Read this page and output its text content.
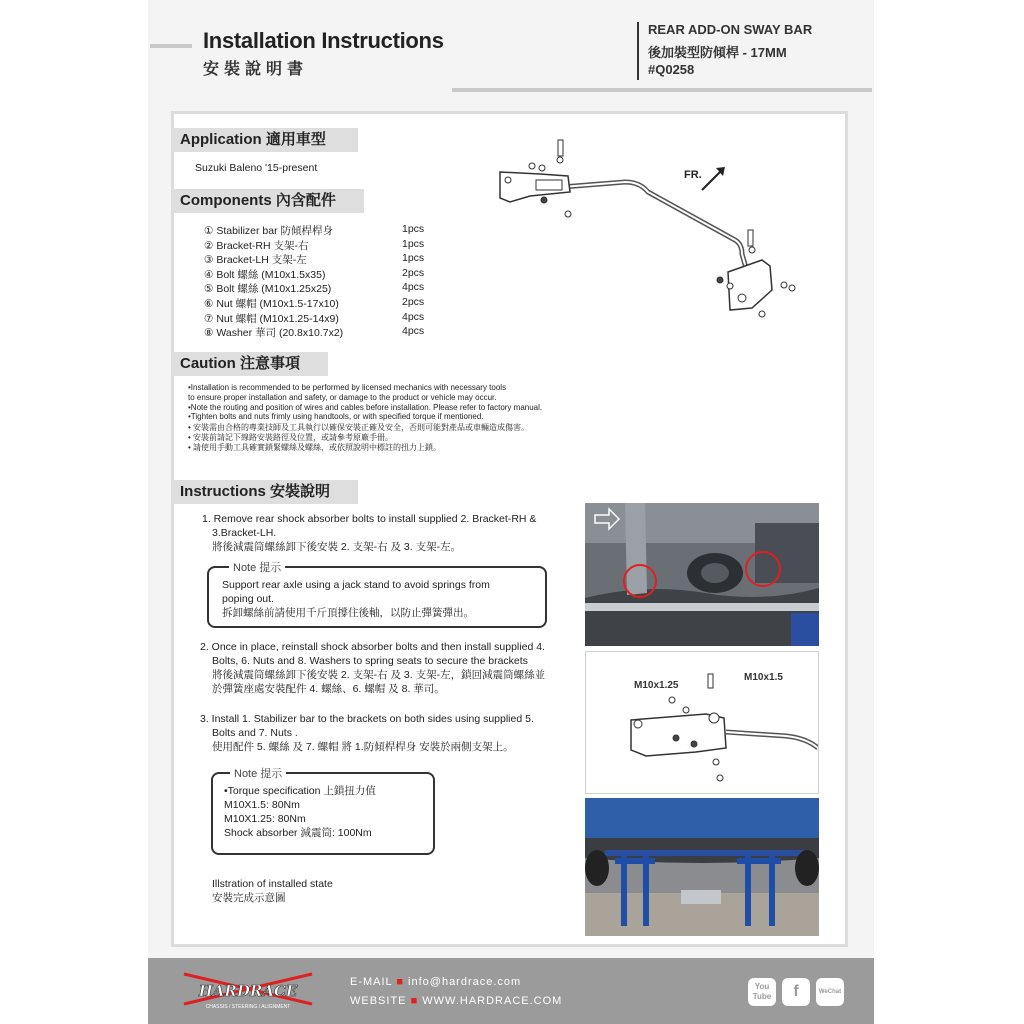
Installation Instructions
安裝說明書
REAR ADD-ON SWAY BAR
後加裝型防傾桿 - 17MM
#Q0258
Application 適用車型
Suzuki Baleno '15-present
Components 內含配件
① Stabilizer bar 防傾桿桿身	1pcs
② Bracket-RH 支架-右	1pcs
③ Bracket-LH 支架-左	1pcs
④ Bolt 螺絲 (M10x1.5x35)	2pcs
⑤ Bolt 螺絲 (M10x1.25x25)	4pcs
⑥ Nut 螺帽 (M10x1.5-17x10)	2pcs
⑦ Nut 螺帽 (M10x1.25-14x9)	4pcs
⑧ Washer 華司 (20.8x10.7x2)	4pcs
FR.
Caution 注意事項
•Installation is recommended to be performed by licensed mechanics with necessary tools
to ensure proper installation and safety, or damage to the product or vehicle may occur.
•Note the routing and position of wires and cables before installation. Please refer to factory manual.
•Tighten bolts and nuts frimly using handtools, or with specified torque if mentioned.
• 安裝需由合格的專業技師及工具執行以確保安裝正確及安全，否則可能對產品或車輛造成傷害。
• 安裝前請記下線路安裝路徑及位置，或請參考原廠手冊。
• 請使用手動工具確實鎖緊螺絲及螺絲，或依照說明中標註的扭力上鎖。
Instructions 安裝說明
1. Remove rear shock absorber bolts to install supplied 2. Bracket-RH &
3.Bracket-LH.
將後減震筒螺絲卸下後安裝 2. 支架-右 及 3. 支架-左。
Note 提示
Support rear axle using a jack stand to avoid springs from
poping out.
拆卸螺絲前請使用千斤頂撐住後軸，以防止彈簧彈出。
2. Once in place, reinstall shock absorber bolts and then install supplied 4.
Bolts, 6. Nuts and 8. Washers to spring seats to secure the brackets
將後減震筒螺絲卸下後安裝 2. 支架-右 及 3. 支架-左，鎖回減震筒螺絲並
於彈簧座處安裝配件 4. 螺絲、6. 螺帽 及 8. 華司。
3. Install 1. Stabilizer bar to the brackets on both sides using supplied 5.
Bolts and 7. Nuts .
使用配件 5. 螺絲 及 7. 螺帽 將 1.防傾桿桿身 安裝於兩側支架上。
Note 提示
•Torque specification 上鎖扭力值
M10X1.5: 80Nm
M10X1.25: 80Nm
Shock absorber 減震筒: 100Nm
Illstration of installed state
安裝完成示意圖
M10x1.25
M10x1.5
HARDRACE
CHASSIS / STEERING / ALIGNMENT
E-MAIL ■ info@hardrace.com
WEBSITE ■ WWW.HARDRACE.COM
You Tube	f	WeChat
